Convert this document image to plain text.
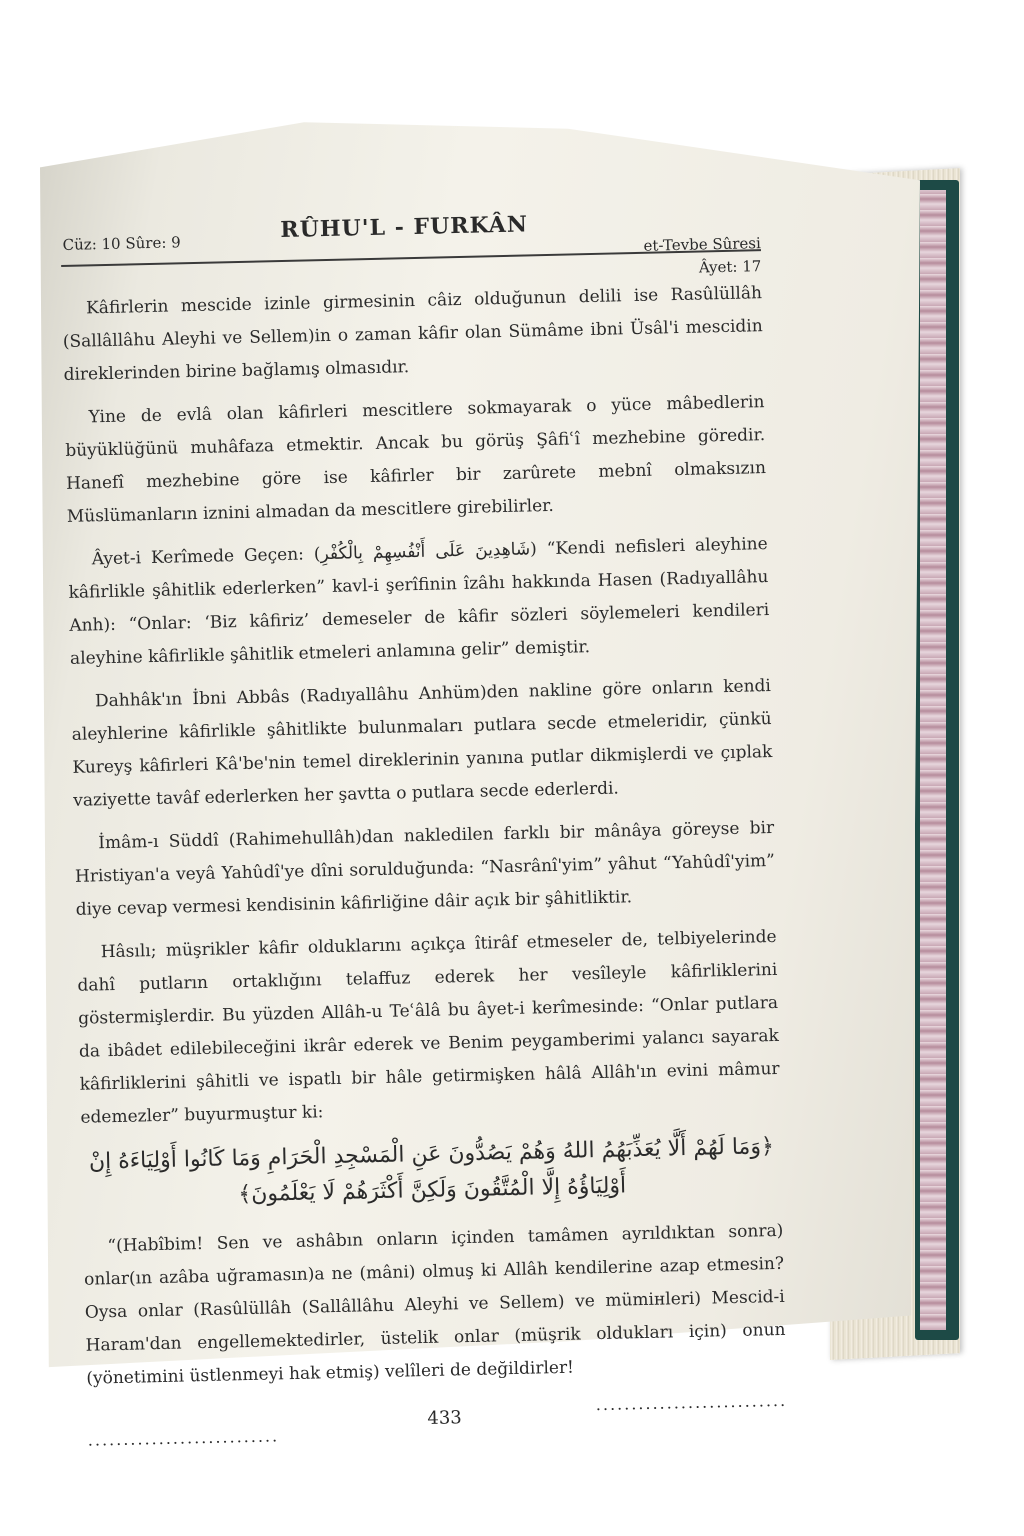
Cüz: 10 Sûre: 9
RÛHU'L - FURKÂN
et-Tevbe Sûresi
Âyet: 17

Kâfirlerin mescide izinle girmesinin câiz olduğunun delili ise Rasûlüllâh (Sallâllâhu Aleyhi ve Sellem)in o zaman kâfir olan Sümâme ibni Üsâl'i mescidin direklerinden birine bağlamış olmasıdır.

Yine de evlâ olan kâfirleri mescitlere sokmayarak o yüce mâbedlerin büyüklüğünü muhâfaza etmektir. Ancak bu görüş Şâfiʿî mezhebine göredir. Hanefî mezhebine göre ise kâfirler bir zarûrete mebnî olmaksızın Müslümanların iznini almadan da mescitlere girebilirler.

Âyet-i Kerîmede Geçen: (شَاهِدِينَ عَلَى أَنْفُسِهِمْ بِالْكُفْرِ) “Kendi nefisleri aleyhine kâfirlikle şâhitlik ederlerken” kavl-i şerîfinin îzâhı hakkında Hasen (Radıyallâhu Anh): “Onlar: ‘Biz kâfiriz’ demeseler de kâfir sözleri söylemeleri kendileri aleyhine kâfirlikle şâhitlik etmeleri anlamına gelir” demiştir.

Dahhâk'ın İbni Abbâs (Radıyallâhu Anhüm)den nakline göre onların kendi aleyhlerine kâfirlikle şâhitlikte bulunmaları putlara secde etmeleridir, çünkü Kureyş kâfirleri Kâ'be'nin temel direklerinin yanına putlar dikmişlerdi ve çıplak vaziyette tavâf ederlerken her şavtta o putlara secde ederlerdi.

İmâm-ı Süddî (Rahimehullâh)dan nakledilen farklı bir mânâya göreyse bir Hristiyan'a veyâ Yahûdî'ye dîni sorulduğunda: “Nasrânî'yim” yâhut “Yahûdî'yim” diye cevap vermesi kendisinin kâfirliğine dâir açık bir şâhitliktir.

Hâsılı; müşrikler kâfir olduklarını açıkça îtirâf etmeseler de, telbiyelerinde dahî putların ortaklığını telaffuz ederek her vesîleyle kâfirliklerini göstermişlerdir. Bu yüzden Allâh-u Teʿâlâ bu âyet-i kerîmesinde: “Onlar putlara da ibâdet edilebileceğini ikrâr ederek ve Benim peygamberimi yalancı sayarak kâfirliklerini şâhitli ve ispatlı bir hâle getirmişken hâlâ Allâh'ın evini mâmur edemezler” buyurmuştur ki:

﴿وَمَا لَهُمْ أَلَّا يُعَذِّبَهُمُ اللهُ وَهُمْ يَصُدُّونَ عَنِ الْمَسْجِدِ الْحَرَامِ وَمَا كَانُوا أَوْلِيَاءَهُ إِنْ أَوْلِيَاؤُهُ إِلَّا الْمُتَّقُونَ وَلَكِنَّ أَكْثَرَهُمْ لَا يَعْلَمُونَ﴾

“(Habîbim! Sen ve ashâbın onların içinden tamâmen ayrıldıktan sonra) onlar(ın azâba uğramasın)a ne (mâni) olmuş ki Allâh kendilerine azap etmesin? Oysa onlar (Rasûlüllâh (Sallâllâhu Aleyhi ve Sellem) ve mümінleri) Mescid-i Haram'dan engellemektedirler, üstelik onlar (müşrik oldukları için) onun (yönetimini üstlenmeyi hak etmiş) velîleri de değildirler!

...........................
433
...........................
